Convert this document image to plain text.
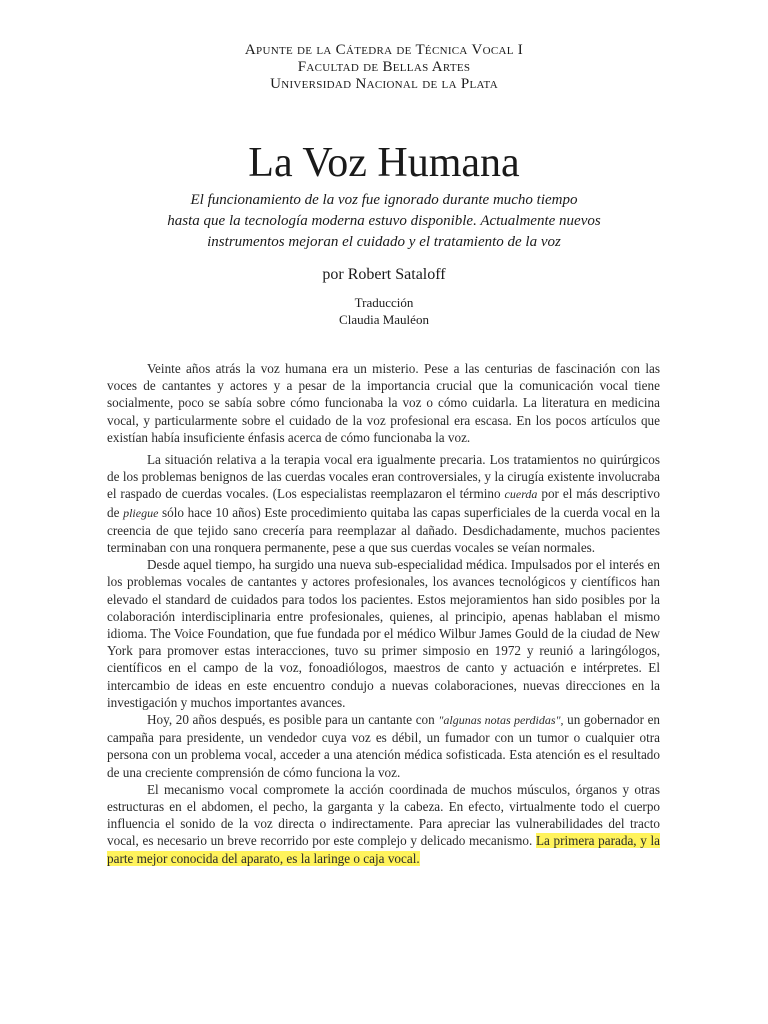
Apunte de la Cátedra de Técnica Vocal I
Facultad de Bellas Artes
Universidad Nacional de la Plata
La Voz Humana
El funcionamiento de la voz fue ignorado durante mucho tiempo
hasta que la tecnología moderna estuvo disponible. Actualmente nuevos
instrumentos mejoran el cuidado y el tratamiento de la voz
por Robert Sataloff
Traducción
Claudia Mauléon

Veinte años atrás la voz humana era un misterio. Pese a las centurias de fascinación con las voces de cantantes y actores y a pesar de la importancia crucial que la comunicación vocal tiene socialmente, poco se sabía sobre cómo funcionaba la voz o cómo cuidarla. La literatura en medicina vocal, y particularmente sobre el cuidado de la voz profesional era escasa. En los pocos artículos que existían había insuficiente énfasis acerca de cómo funcionaba la voz.

La situación relativa a la terapia vocal era igualmente precaria. Los tratamientos no quirúrgicos de los problemas benignos de las cuerdas vocales eran controversiales, y la cirugía existente involucraba el raspado de cuerdas vocales. (Los especialistas reemplazaron el término cuerda por el más descriptivo de pliegue sólo hace 10 años) Este procedimiento quitaba las capas superficiales de la cuerda vocal en la creencia de que tejido sano crecería para reemplazar al dañado. Desdichadamente, muchos pacientes terminaban con una ronquera permanente, pese a que sus cuerdas vocales se veían normales.

Desde aquel tiempo, ha surgido una nueva sub-especialidad médica. Impulsados por el interés en los problemas vocales de cantantes y actores profesionales, los avances tecnológicos y científicos han elevado el standard de cuidados para todos los pacientes. Estos mejoramientos han sido posibles por la colaboración interdisciplinaria entre profesionales, quienes, al principio, apenas hablaban el mismo idioma. The Voice Foundation, que fue fundada por el médico Wilbur James Gould de la ciudad de New York para promover estas interacciones, tuvo su primer simposio en 1972 y reunió a laringólogos, científicos en el campo de la voz, fonoadiólogos, maestros de canto y actuación e intérpretes. El intercambio de ideas en este encuentro condujo a nuevas colaboraciones, nuevas direcciones en la investigación y muchos importantes avances.

Hoy, 20 años después, es posible para un cantante con "algunas notas perdidas", un gobernador en campaña para presidente, un vendedor cuya voz es débil, un fumador con un tumor o cualquier otra persona con un problema vocal, acceder a una atención médica sofisticada. Esta atención es el resultado de una creciente comprensión de cómo funciona la voz.

El mecanismo vocal compromete la acción coordinada de muchos músculos, órganos y otras estructuras en el abdomen, el pecho, la garganta y la cabeza. En efecto, virtualmente todo el cuerpo influencia el sonido de la voz directa o indirectamente. Para apreciar las vulnerabilidades del tracto vocal, es necesario un breve recorrido por este complejo y delicado mecanismo. La primera parada, y la parte mejor conocida del aparato, es la laringe o caja vocal.
